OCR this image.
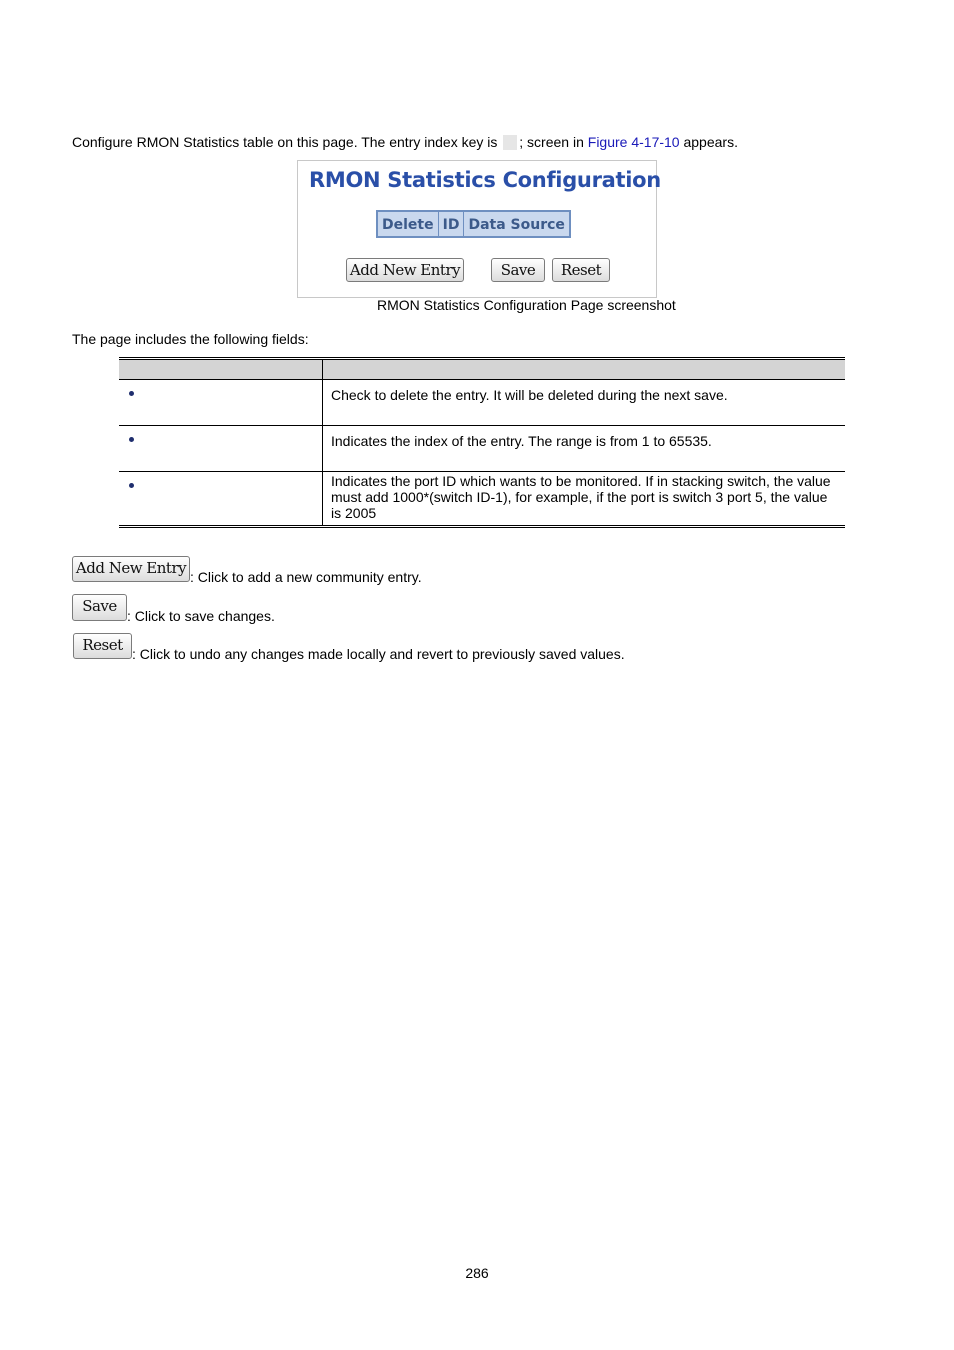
Configure RMON Statistics table on this page. The entry index key is ; screen in Figure 4-17-10 appears.
RMON Statistics Configuration
Delete	ID	Data Source
Add New Entry	Save	Reset
RMON Statistics Configuration Page screenshot
The page includes the following fields:

	Check to delete the entry. It will be deleted during the next save.
	Indicates the index of the entry. The range is from 1 to 65535.
	Indicates the port ID which wants to be monitored. If in stacking switch, the value must add 1000*(switch ID-1), for example, if the port is switch 3 port 5, the value is 2005
Add New Entry : Click to add a new community entry.
Save
: Click to save changes.
Reset : Click to undo any changes made locally and revert to previously saved values.
286
